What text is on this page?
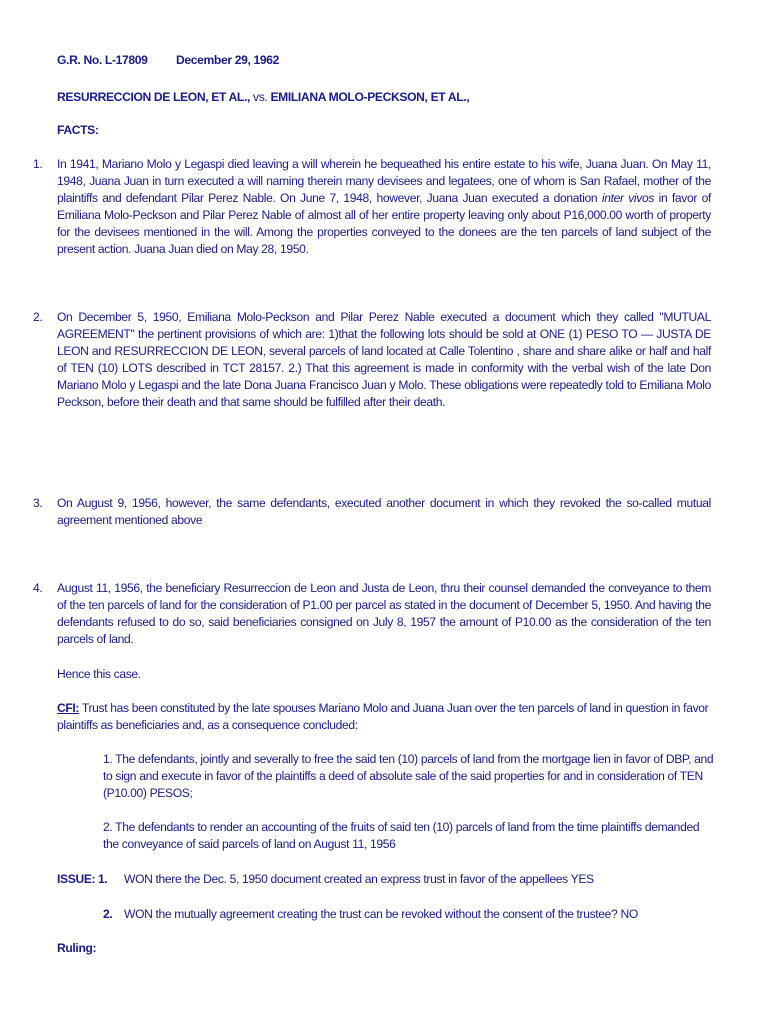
G.R. No. L-17809 December 29, 1962
RESURRECCION DE LEON, ET AL., vs. EMILIANA MOLO-PECKSON, ET AL.,
FACTS:
1. In 1941, Mariano Molo y Legaspi died leaving a will wherein he bequeathed his entire estate to his wife, Juana Juan. On May 11, 1948, Juana Juan in turn executed a will naming therein many devisees and legatees, one of whom is San Rafael, mother of the plaintiffs and defendant Pilar Perez Nable. On June 7, 1948, however, Juana Juan executed a donation inter vivos in favor of Emiliana Molo-Peckson and Pilar Perez Nable of almost all of her entire property leaving only about P16,000.00 worth of property for the devisees mentioned in the will. Among the properties conveyed to the donees are the ten parcels of land subject of the present action. Juana Juan died on May 28, 1950.
2. On December 5, 1950, Emiliana Molo-Peckson and Pilar Perez Nable executed a document which they called "MUTUAL AGREEMENT" the pertinent provisions of which are: 1)that the following lots should be sold at ONE (1) PESO TO — JUSTA DE LEON and RESURRECCION DE LEON, several parcels of land located at Calle Tolentino , share and share alike or half and half of TEN (10) LOTS described in TCT 28157. 2.) That this agreement is made in conformity with the verbal wish of the late Don Mariano Molo y Legaspi and the late Dona Juana Francisco Juan y Molo. These obligations were repeatedly told to Emiliana Molo Peckson, before their death and that same should be fulfilled after their death.
3. On August 9, 1956, however, the same defendants, executed another document in which they revoked the so-called mutual agreement mentioned above
4. August 11, 1956, the beneficiary Resurreccion de Leon and Justa de Leon, thru their counsel demanded the conveyance to them of the ten parcels of land for the consideration of P1.00 per parcel as stated in the document of December 5, 1950. And having the defendants refused to do so, said beneficiaries consigned on July 8, 1957 the amount of P10.00 as the consideration of the ten parcels of land.
Hence this case.
CFI: Trust has been constituted by the late spouses Mariano Molo and Juana Juan over the ten parcels of land in question in favor plaintiffs as beneficiaries and, as a consequence concluded:
1. The defendants, jointly and severally to free the said ten (10) parcels of land from the mortgage lien in favor of DBP, and to sign and execute in favor of the plaintiffs a deed of absolute sale of the said properties for and in consideration of TEN (P10.00) PESOS;
2. The defendants to render an accounting of the fruits of said ten (10) parcels of land from the time plaintiffs demanded the conveyance of said parcels of land on August 11, 1956
ISSUE: 1. WON there the Dec. 5, 1950 document created an express trust in favor of the appellees YES
2. WON the mutually agreement creating the trust can be revoked without the consent of the trustee? NO
Ruling:
